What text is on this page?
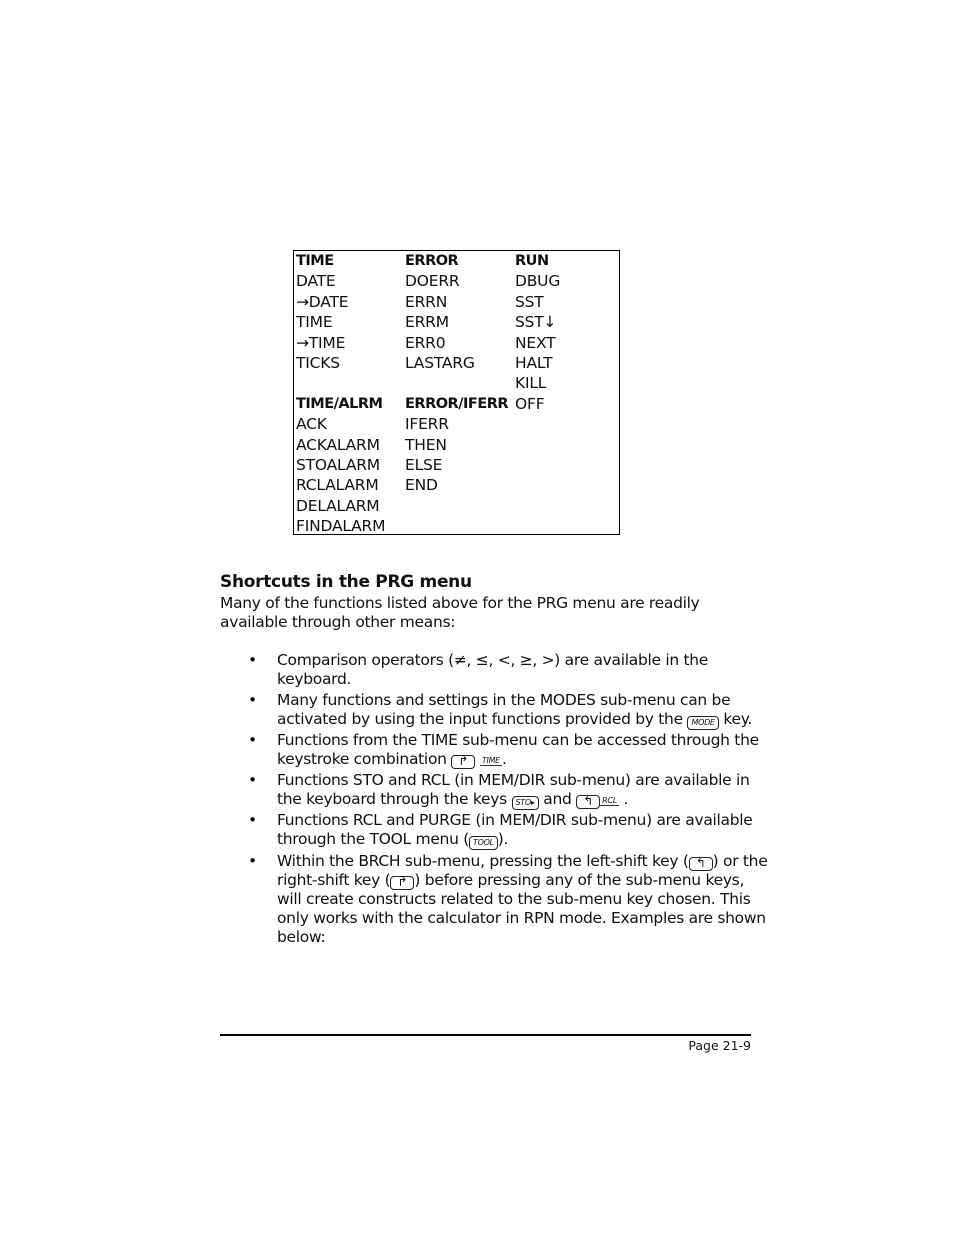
TIME
DATE
→DATE
TIME
→TIME
TICKS
TIME/ALRM
ACK
ACKALARM
STOALARM
RCLALARM
DELALARM
FINDALARM
ERROR
DOERR
ERRN
ERRM
ERR0
LASTARG
ERROR/IFERR
IFERR
THEN
ELSE
END
RUN
DBUG
SST
SST↓
NEXT
HALT
KILL
OFF
Shortcuts in the PRG menu

Many of the functions listed above for the PRG menu are readily available through other means:

• Comparison operators (≠, ≤, <, ≥, >) are available in the keyboard.
• Many functions and settings in the MODES sub-menu can be activated by using the input functions provided by the MODE key.
• Functions from the TIME sub-menu can be accessed through the keystroke combination ↱ TIME .
• Functions STO and RCL (in MEM/DIR sub-menu) are available in the keyboard through the keys STO▸ and ↰ RCL .
• Functions RCL and PURGE (in MEM/DIR sub-menu) are available through the TOOL menu ( TOOL ).
• Within the BRCH sub-menu, pressing the left-shift key ( ↰ ) or the right-shift key ( ↱ ) before pressing any of the sub-menu keys, will create constructs related to the sub-menu key chosen. This only works with the calculator in RPN mode. Examples are shown below:
Page 21-9
